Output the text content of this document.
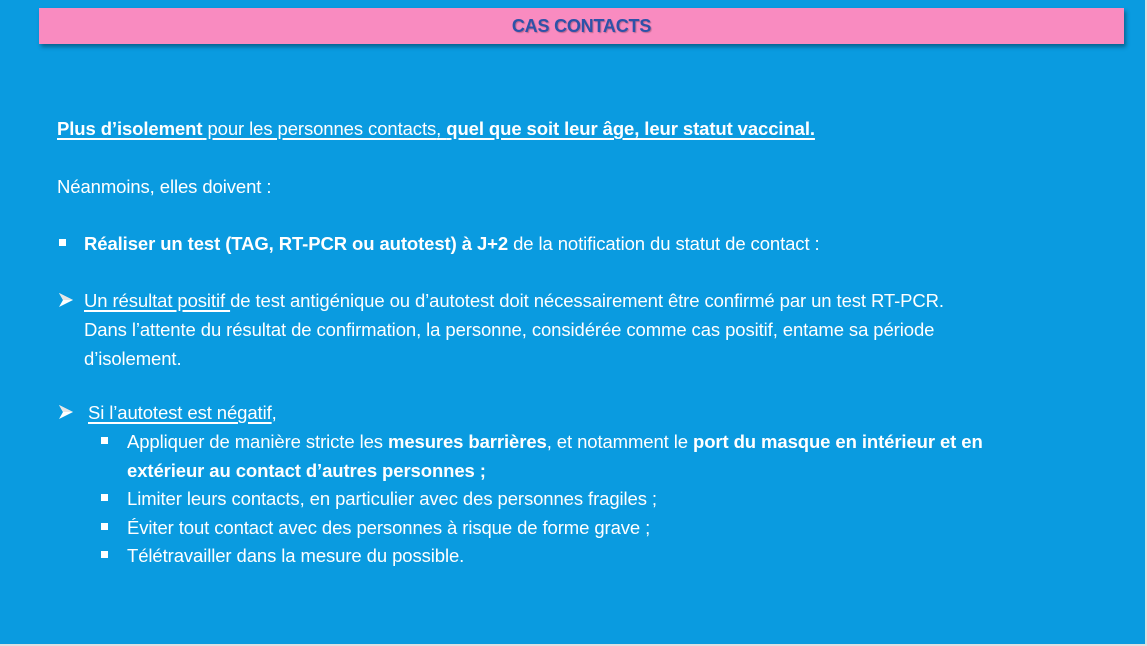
CAS CONTACTS
Plus d’isolement pour les personnes contacts, quel que soit leur âge, leur statut vaccinal.
Néanmoins, elles doivent :
Réaliser un test (TAG, RT-PCR ou autotest) à J+2 de la notification du statut de contact :
Un résultat positif de test antigénique ou d’autotest doit nécessairement être confirmé par un test RT-PCR.
Dans l’attente du résultat de confirmation, la personne, considérée comme cas positif, entame sa période
d’isolement.
Si l’autotest est négatif,
Appliquer de manière stricte les mesures barrières, et notamment le port du masque en intérieur et en
extérieur au contact d’autres personnes ;
Limiter leurs contacts, en particulier avec des personnes fragiles ;
Éviter tout contact avec des personnes à risque de forme grave ;
Télétravailler dans la mesure du possible.
